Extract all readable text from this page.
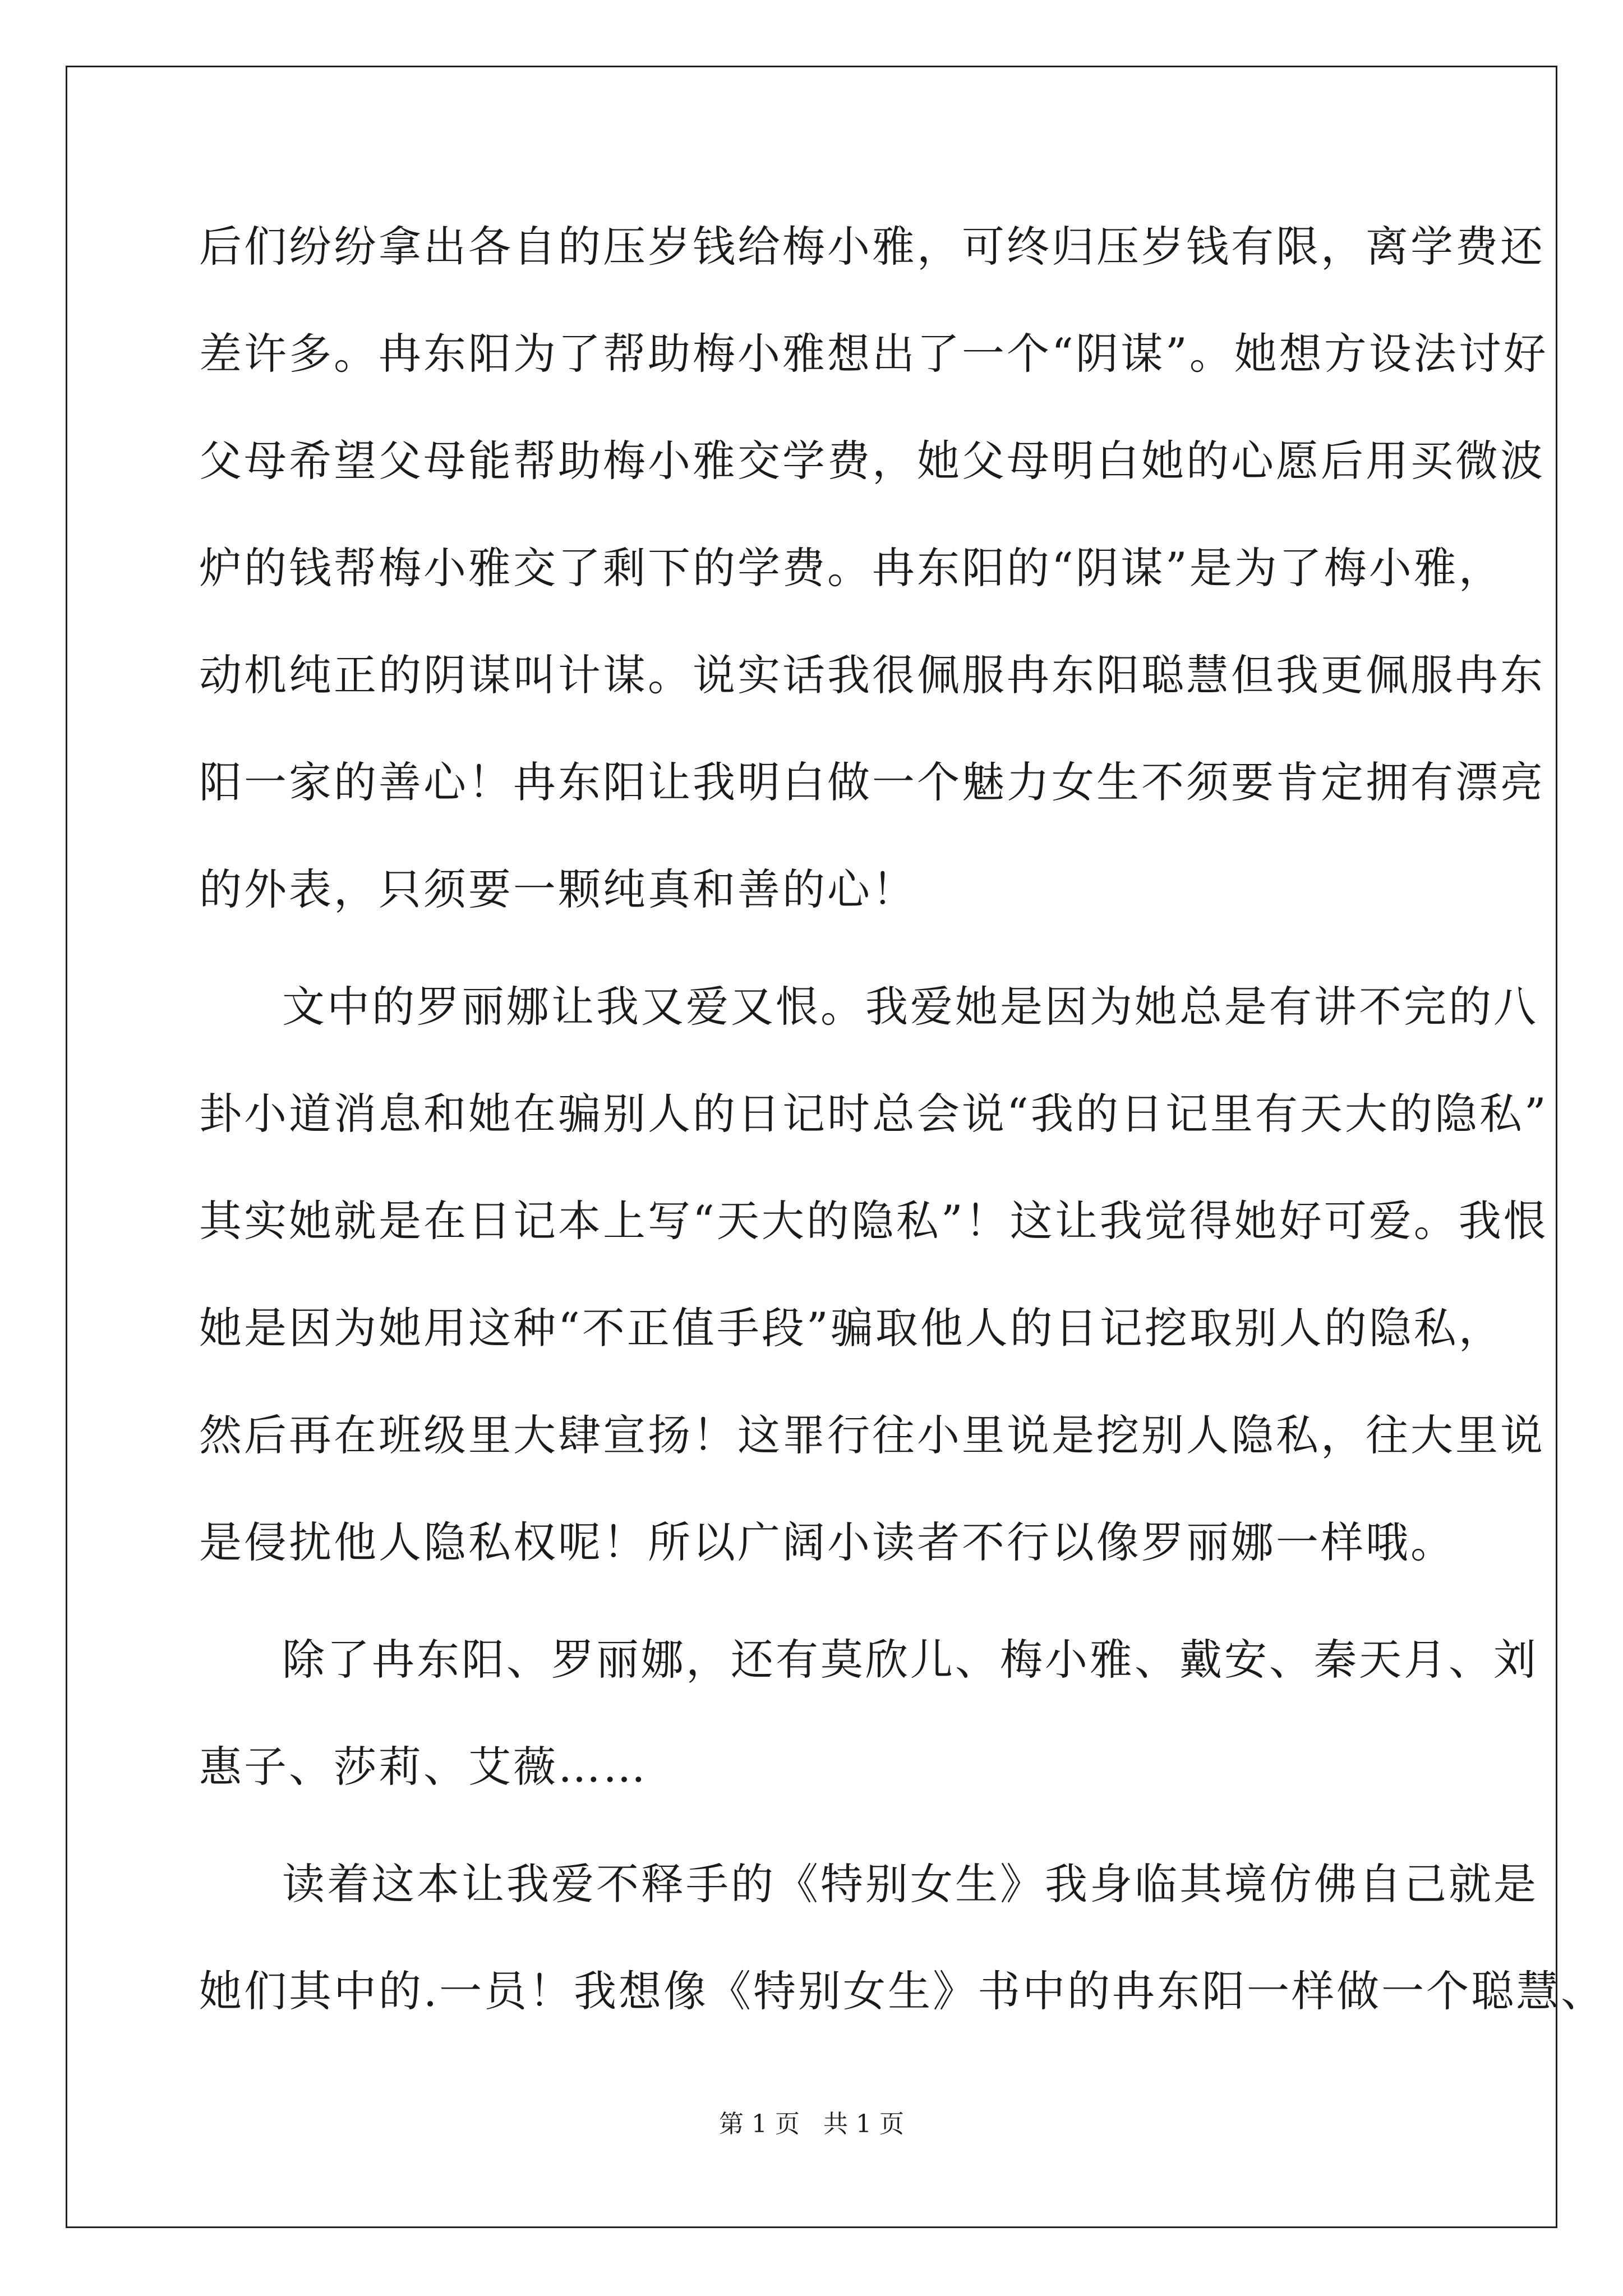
后们纷纷拿出各自的压岁钱给梅小雅，可终归压岁钱有限，离学费还
差许多。冉东阳为了帮助梅小雅想出了一个“阴谋”。她想方设法讨好
父母希望父母能帮助梅小雅交学费，她父母明白她的心愿后用买微波
炉的钱帮梅小雅交了剩下的学费。冉东阳的“阴谋”是为了梅小雅，
动机纯正的阴谋叫计谋。说实话我很佩服冉东阳聪慧但我更佩服冉东
阳一家的善心！冉东阳让我明白做一个魅力女生不须要肯定拥有漂亮
的外表，只须要一颗纯真和善的心！
文中的罗丽娜让我又爱又恨。我爱她是因为她总是有讲不完的八
卦小道消息和她在骗别人的日记时总会说“我的日记里有天大的隐私”
其实她就是在日记本上写“天大的隐私”！这让我觉得她好可爱。我恨
她是因为她用这种“不正值手段”骗取他人的日记挖取别人的隐私，
然后再在班级里大肆宣扬！这罪行往小里说是挖别人隐私，往大里说
是侵扰他人隐私权呢！所以广阔小读者不行以像罗丽娜一样哦。
除了冉东阳、罗丽娜，还有莫欣儿、梅小雅、戴安、秦天月、刘
惠子、莎莉、艾薇……
读着这本让我爱不释手的《特别女生》我身临其境仿佛自己就是
她们其中的.一员！我想像《特别女生》书中的冉东阳一样做一个聪慧、
第 1 页   共 1 页
